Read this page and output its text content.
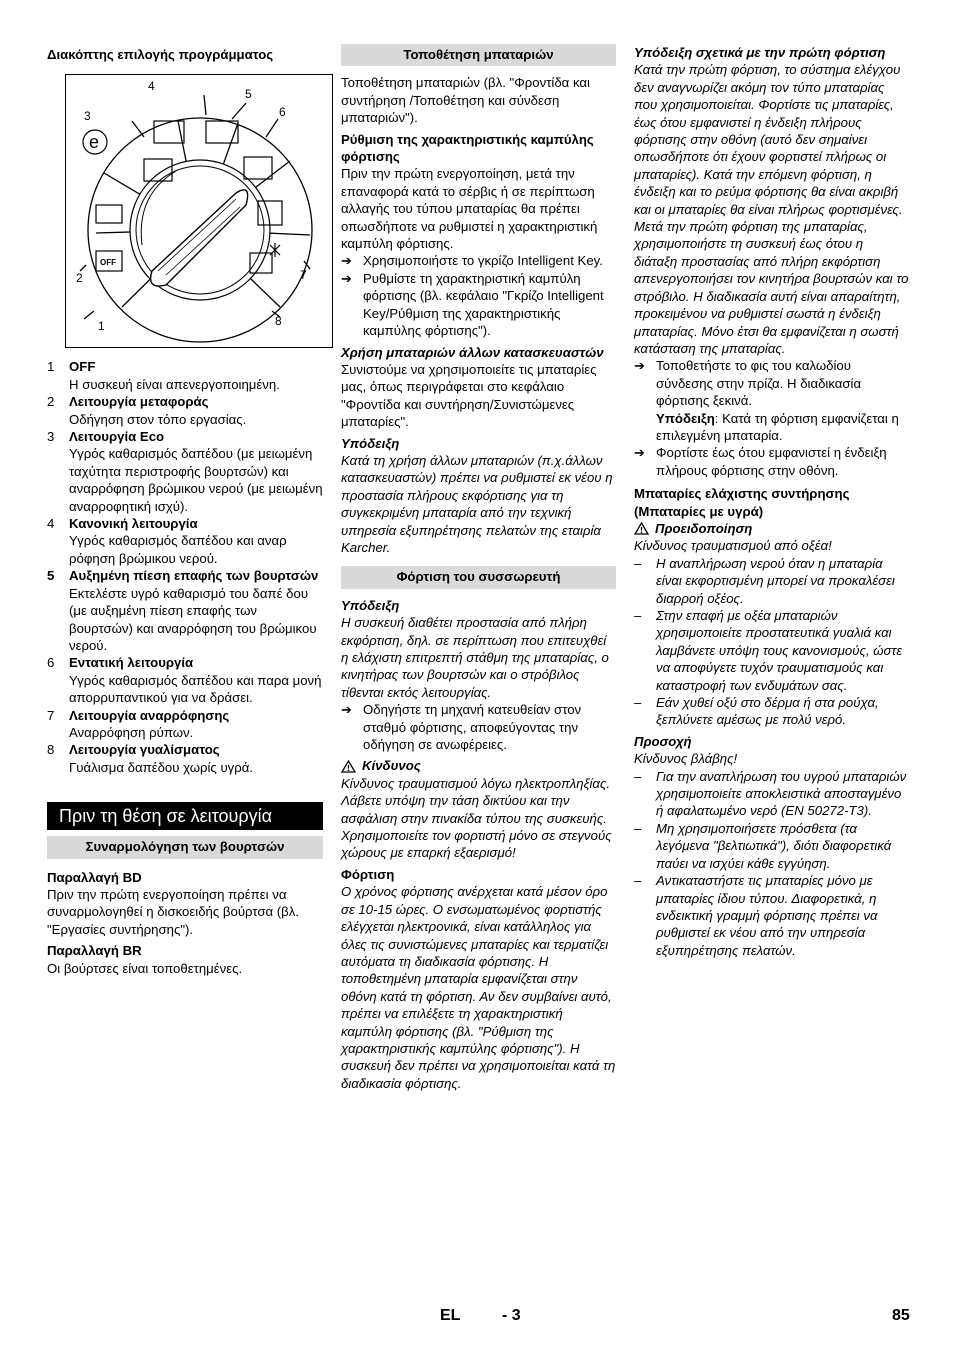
Διακόπτης επιλογής προγράμματος

OFF
e
3
4
5
6
7
8
2
1
1	OFF

Η συσκευή είναι απενεργοποιημένη.

2	Λειτουργία μεταφοράς

Οδήγηση στον τόπο εργασίας.

3	Λειτουργία Eco

Υγρός καθαρισμός δαπέδου (με μειωμένη ταχύτητα περιστροφής βουρτσών) και αναρρόφηση βρώμικου νερού (με μειωμένη αναρροφητική ισχύ).

4	Κανονική λειτουργία

Υγρός καθαρισμός δαπέδου και αναρ ρόφηση βρώμικου νερού.

5	Αυξημένη πίεση επαφής των βουρτσών

Εκτελέστε υγρό καθαρισμό του δαπέ δου (με αυξημένη πίεση επαφής των βουρτσών) και αναρρόφηση του βρώμικου νερού.

6	Εντατική λειτουργία

Υγρός καθαρισμός δαπέδου και παρα μονή απορρυπαντικού για να δράσει.

7	Λειτουργία αναρρόφησης

Αναρρόφηση ρύπων.

8	Λειτουργία γυαλίσματος

Γυάλισμα δαπέδου χωρίς υγρά.

Πριν τη θέση σε λειτουργία
Συναρμολόγηση των βουρτσών

Παραλλαγή BD

Πριν την πρώτη ενεργοποίηση πρέπει να συναρμολογηθεί η δισκοειδής βούρτσα (βλ. "Εργασίες συντήρησης").

Παραλλαγή BR

Οι βούρτσες είναι τοποθετημένες.

Τοποθέτηση μπαταριών

Τοποθέτηση μπαταριών (βλ. "Φροντίδα και συντήρηση /Τοποθέτηση και σύνδεση μπαταριών").

Ρύθμιση της χαρακτηριστικής καμπύλης φόρτισης

Πριν την πρώτη ενεργοποίηση, μετά την επαναφορά κατά το σέρβις ή σε περίπτωση αλλαγής του τύπου μπαταρίας θα πρέπει οπωσδήποτε να ρυθμιστεί η χαρακτηριστική καμπύλη φόρτισης.

➔ Χρησιμοποιήστε το γκρίζο Intelligent Key.
➔ Ρυθμίστε τη χαρακτηριστική καμπύλη φόρτισης (βλ. κεφάλαιο "Γκρίζο Intelligent Key/Ρύθμιση της χαρακτηριστικής καμπύλης φόρτισης").

Χρήση μπαταριών άλλων κατασκευαστών

Συνιστούμε να χρησιμοποιείτε τις μπαταρίες μας, όπως περιγράφεται στο κεφάλαιο "Φροντίδα και συντήρηση/Συνιστώμενες μπαταρίες".

Υπόδειξη

Κατά τη χρήση άλλων μπαταριών (π.χ.άλλων κατασκευαστών) πρέπει να ρυθμιστεί εκ νέου η προστασία πλήρους εκφόρτισης για τη συγκεκριμένη μπαταρία από την τεχνική υπηρεσία εξυπηρέτησης πελατών της εταιρία Karcher.

Φόρτιση του συσσωρευτή

Υπόδειξη

Η συσκευή διαθέτει προστασία από πλήρη εκφόρτιση, δηλ. σε περίπτωση που επιτευχθεί η ελάχιστη επιτρεπτή στάθμη της μπαταρίας, ο κινητήρας των βουρτσών και ο στρόβιλος τίθενται εκτός λειτουργίας.

➔ Οδηγήστε τη μηχανή κατευθείαν στον σταθμό φόρτισης, αποφεύγοντας την οδήγηση σε ανωφέρειες.
Κίνδυνος

Κίνδυνος τραυματισμού λόγω ηλεκτροπληξίας. Λάβετε υπόψη την τάση δικτύου και την ασφάλιση στην πινακίδα τύπου της συσκευής.

Χρησιμοποιείτε τον φορτιστή μόνο σε στεγνούς χώρους με επαρκή εξαερισμό!

Φόρτιση

Ο χρόνος φόρτισης ανέρχεται κατά μέσον όρο σε 10-15 ώρες. Ο ενσωματωμένος φορτιστής ελέγχεται ηλεκτρονικά, είναι κατάλληλος για όλες τις συνιστώμενες μπαταρίες και τερματίζει αυτόματα τη διαδικασία φόρτισης. Η τοποθετημένη μπαταρία εμφανίζεται στην οθόνη κατά τη φόρτιση. Αν δεν συμβαίνει αυτό, πρέπει να επιλέξετε τη χαρακτηριστική καμπύλη φόρτισης (βλ. "Ρύθμιση της χαρακτηριστικής καμπύλης φόρτισης"). Η συσκευή δεν πρέπει να χρησιμοποιείται κατά τη διαδικασία φόρτισης.

Υπόδειξη σχετικά με την πρώτη φόρτιση

Κατά την πρώτη φόρτιση, το σύστημα ελέγχου δεν αναγνωρίζει ακόμη τον τύπο μπαταρίας που χρησιμοποιείται. Φορτίστε τις μπαταρίες, έως ότου εμφανιστεί η ένδειξη πλήρους φόρτισης στην οθόνη (αυτό δεν σημαίνει οπωσδήποτε ότι έχουν φορτιστεί πλήρως οι μπαταρίες). Κατά την επόμενη φόρτιση, η ένδειξη και το ρεύμα φόρτισης θα είναι ακριβή και οι μπαταρίες θα είναι πλήρως φορτισμένες. Μετά την πρώτη φόρτιση της μπαταρίας, χρησιμοποιήστε τη συσκευή έως ότου η διάταξη προστασίας από πλήρη εκφόρτιση απενεργοποιήσει τον κινητήρα βουρτσών και το στρόβιλο. Η διαδικασία αυτή είναι απαραίτητη, προκειμένου να ρυθμιστεί σωστά η ένδειξη μπαταρίας. Μόνο έτσι θα εμφανίζεται η σωστή κατάσταση της μπαταρίας.

➔ Τοποθετήστε το φις του καλωδίου σύνδεσης στην πρίζα. Η διαδικασία φόρτισης ξεκινά.

Υπόδειξη: Κατά τη φόρτιση εμφανίζεται η επιλεγμένη μπαταρία.

➔ Φορτίστε έως ότου εμφανιστεί η ένδειξη πλήρους φόρτισης στην οθόνη.

Μπαταρίες ελάχιστης συντήρησης (Μπαταρίες με υγρά)

Προειδοποίηση

Κίνδυνος τραυματισμού από οξέα!

–	Η αναπλήρωση νερού όταν η μπαταρία είναι εκφορτισμένη μπορεί να προκαλέσει διαρροή οξέος.
–	Στην επαφή με οξέα μπαταριών χρησιμοποιείτε προστατευτικά γυαλιά και λαμβάνετε υπόψη τους κανονισμούς, ώστε να αποφύγετε τυχόν τραυματισμούς και καταστροφή των ενδυμάτων σας.
–	Εάν χυθεί οξύ στο δέρμα ή στα ρούχα, ξεπλύνετε αμέσως με πολύ νερό.

Προσοχή

Κίνδυνος βλάβης!

–	Για την αναπλήρωση του υγρού μπαταριών χρησιμοποιείτε αποκλειστικά αποσταγμένο ή αφαλατωμένο νερό (EN 50272-T3).
–	Μη χρησιμοποιήσετε πρόσθετα (τα λεγόμενα "βελτιωτικά"), διότι διαφορετικά παύει να ισχύει κάθε εγγύηση.
–	Αντικαταστήστε τις μπαταρίες μόνο με μπαταρίες ίδιου τύπου. Διαφορετικά, η ενδεικτική γραμμή φόρτισης πρέπει να ρυθμιστεί εκ νέου από την υπηρεσία εξυπηρέτησης πελατών.
EL	- 3	85
